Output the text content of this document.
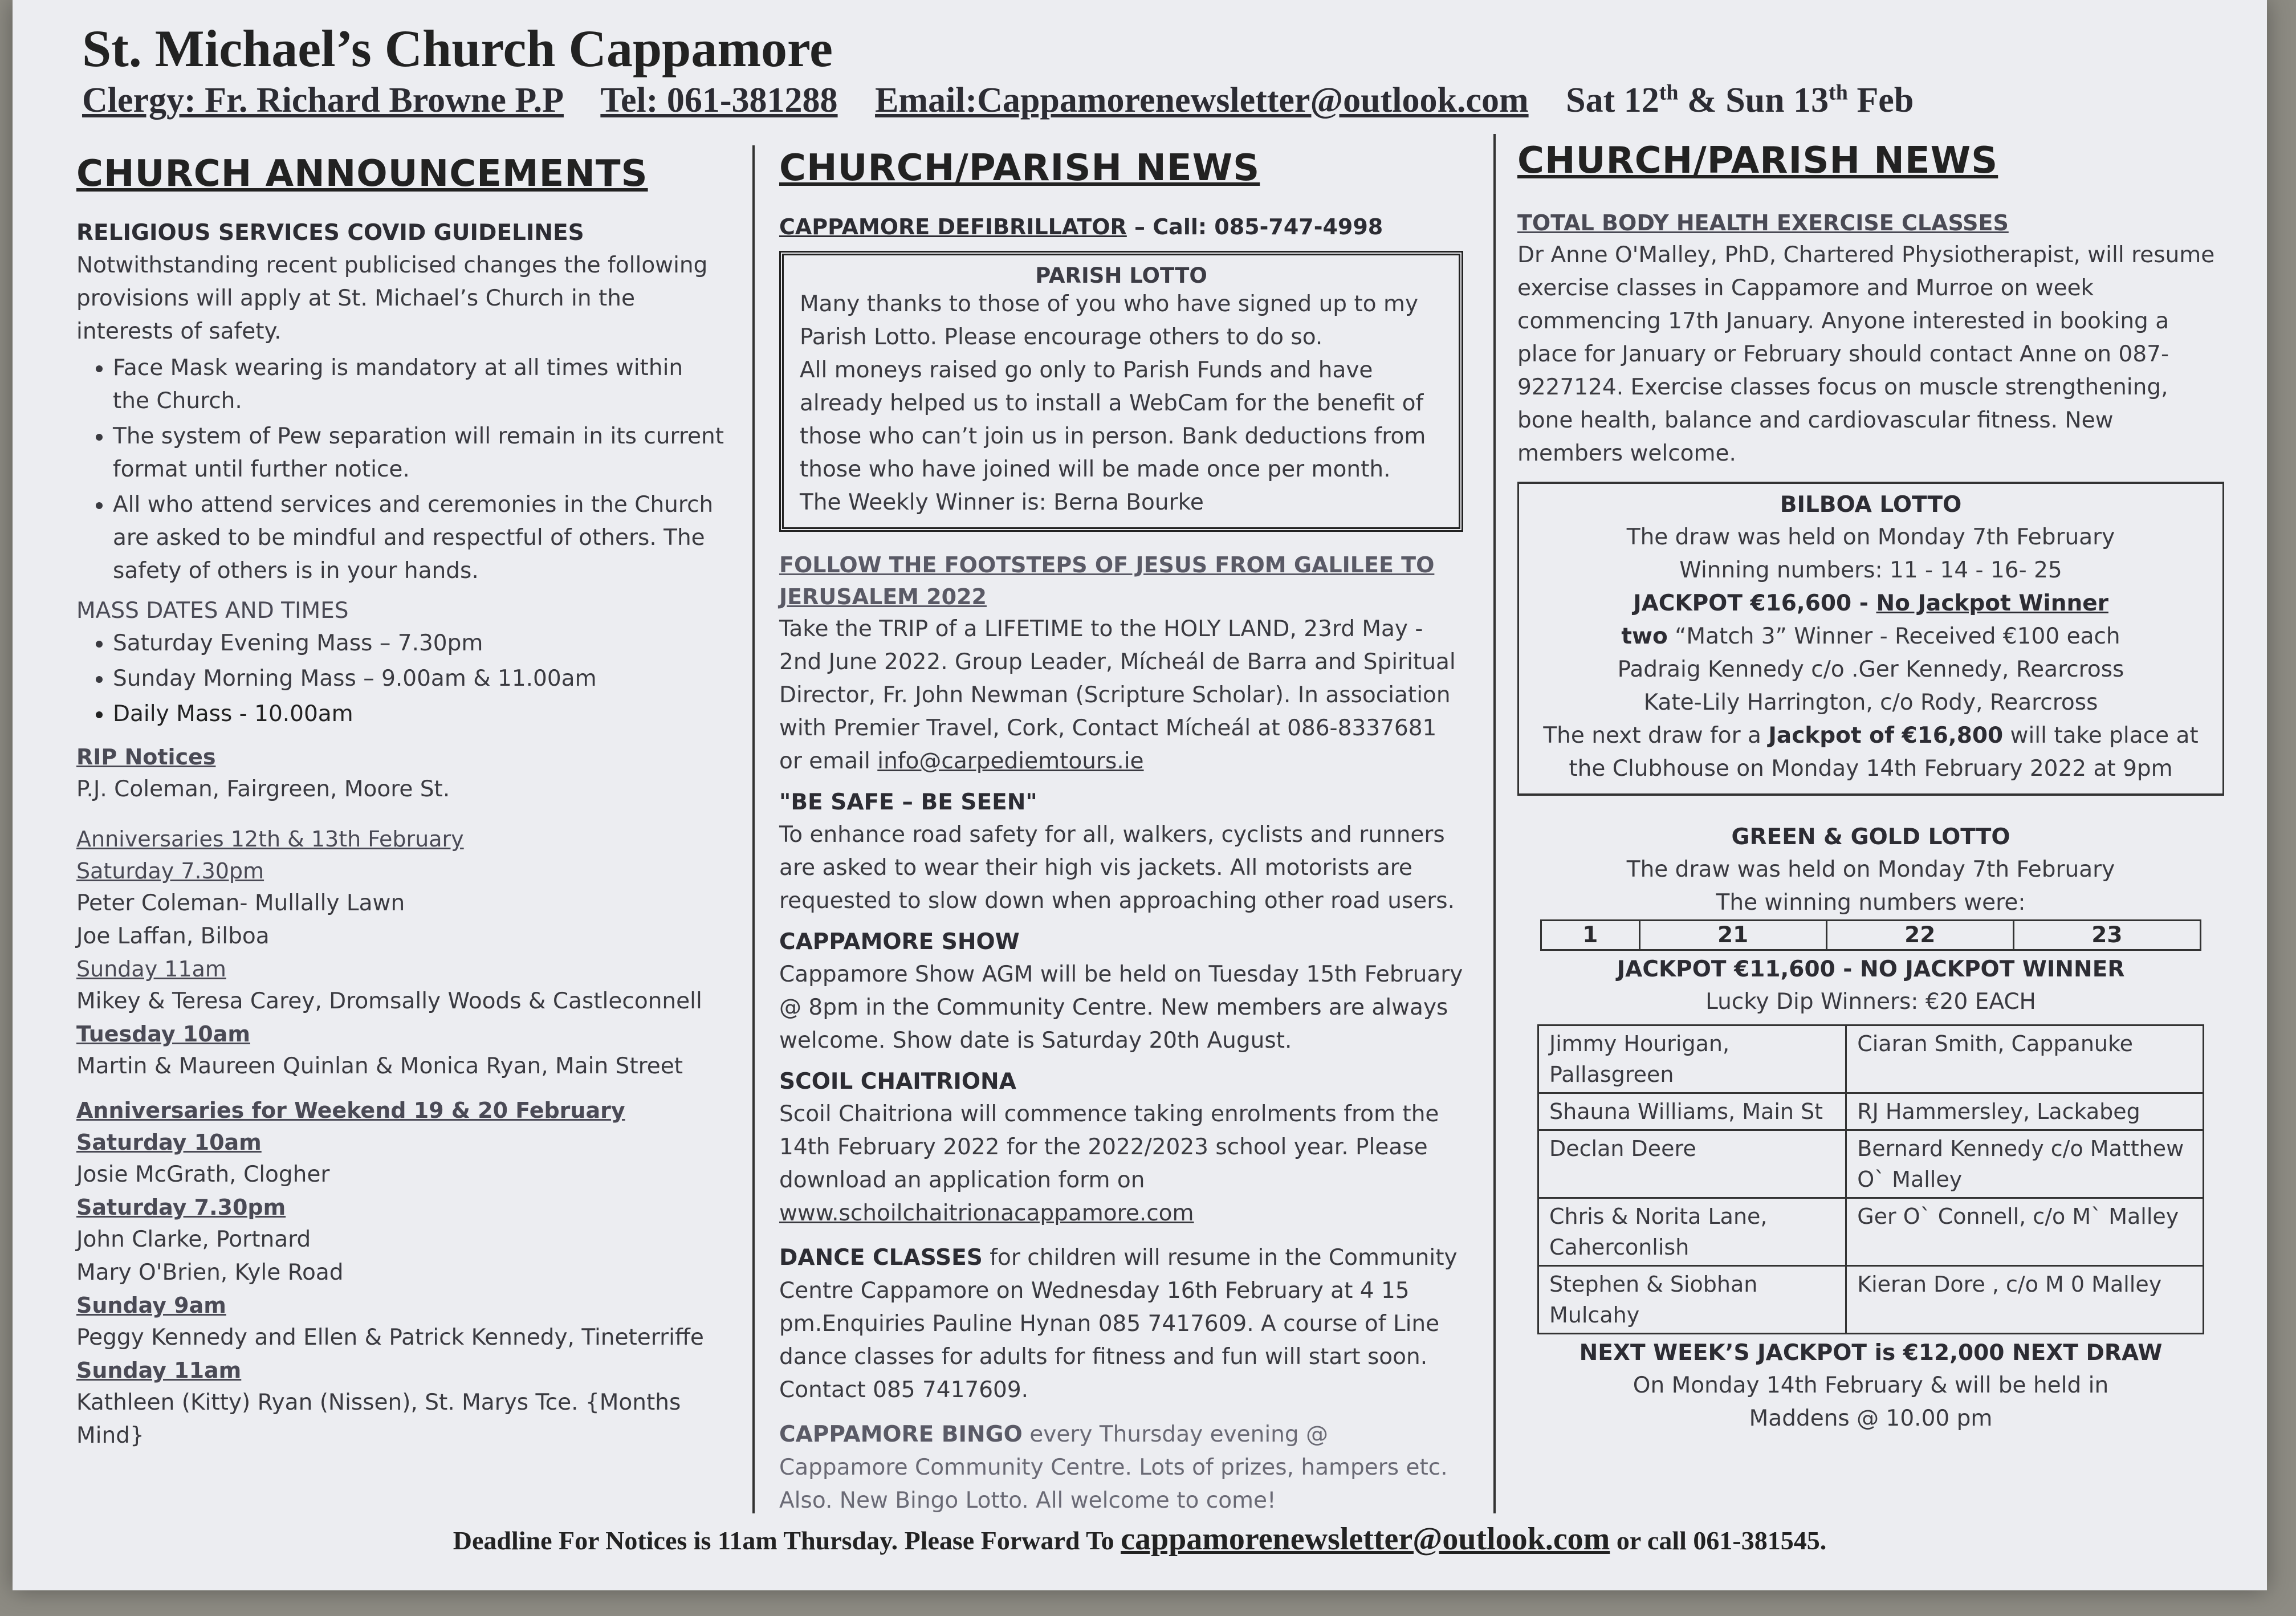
St. Michael’s Church Cappamore
Clergy: Fr. Richard Browne P.P Tel: 061-381288 Email:Cappamorenewsletter@outlook.com Sat 12th & Sun 13th Feb
CHURCH ANNOUNCEMENTS
RELIGIOUS SERVICES COVID GUIDELINES

Notwithstanding recent publicised changes the following provisions will apply at St. Michael’s Church in the interests of safety.

• Face Mask wearing is mandatory at all times within the Church.
• The system of Pew separation will remain in its current format until further notice.
• All who attend services and ceremonies in the Church are asked to be mindful and respectful of others. The safety of others is in your hands.
MASS DATES AND TIMES
• Saturday Evening Mass – 7.30pm
• Sunday Morning Mass – 9.00am & 11.00am
• Daily Mass - 10.00am
RIP Notices

P.J. Coleman, Fairgreen, Moore St.

Anniversaries 12th & 13th February
Saturday 7.30pm

Peter Coleman- Mullally Lawn

Joe Laffan, Bilboa

Sunday 11am

Mikey & Teresa Carey, Dromsally Woods & Castleconnell

Tuesday 10am

Martin & Maureen Quinlan & Monica Ryan, Main Street

Anniversaries for Weekend 19 & 20 February
Saturday 10am

Josie McGrath, Clogher

Saturday 7.30pm

John Clarke, Portnard

Mary O'Brien, Kyle Road

Sunday 9am

Peggy Kennedy and Ellen & Patrick Kennedy, Tineterriffe

Sunday 11am

Kathleen (Kitty) Ryan (Nissen), St. Marys Tce. {Months Mind}

CHURCH/PARISH NEWS
CAPPAMORE DEFIBRILLATOR – Call: 085-747-4998
PARISH LOTTO

Many thanks to those of you who have signed up to my Parish Lotto. Please encourage others to do so.

All moneys raised go only to Parish Funds and have already helped us to install a WebCam for the benefit of those who can’t join us in person. Bank deductions from those who have joined will be made once per month.

The Weekly Winner is: Berna Bourke

FOLLOW THE FOOTSTEPS OF JESUS FROM GALILEE TO JERUSALEM 2022

Take the TRIP of a LIFETIME to the HOLY LAND, 23rd May - 2nd June 2022. Group Leader, Mícheál de Barra and Spiritual Director, Fr. John Newman (Scripture Scholar). In association with Premier Travel, Cork, Contact Mícheál at 086-8337681 or email info@carpediemtours.ie

"BE SAFE – BE SEEN"

To enhance road safety for all, walkers, cyclists and runners are asked to wear their high vis jackets. All motorists are requested to slow down when approaching other road users.

CAPPAMORE SHOW

Cappamore Show AGM will be held on Tuesday 15th February @ 8pm in the Community Centre. New members are always welcome. Show date is Saturday 20th August.

SCOIL CHAITRIONA

Scoil Chaitriona will commence taking enrolments from the 14th February 2022 for the 2022/2023 school year. Please download an application form on www.schoilchaitrionacappamore.com

DANCE CLASSES for children will resume in the Community Centre Cappamore on Wednesday 16th February at 4 15 pm.Enquiries Pauline Hynan 085 7417609. A course of Line dance classes for adults for fitness and fun will start soon.

Contact 085 7417609.

CAPPAMORE BINGO every Thursday evening @ Cappamore Community Centre. Lots of prizes, hampers etc. Also. New Bingo Lotto. All welcome to come!

CHURCH/PARISH NEWS
TOTAL BODY HEALTH EXERCISE CLASSES

Dr Anne O'Malley, PhD, Chartered Physiotherapist, will resume exercise classes in Cappamore and Murroe on week commencing 17th January. Anyone interested in booking a place for January or February should contact Anne on 087-9227124. Exercise classes focus on muscle strengthening, bone health, balance and cardiovascular fitness. New members welcome.

BILBOA LOTTO

The draw was held on Monday 7th February

Winning numbers: 11 - 14 - 16- 25

JACKPOT €16,600 - No Jackpot Winner

two “Match 3” Winner - Received €100 each

Padraig Kennedy c/o .Ger Kennedy, Rearcross

Kate-Lily Harrington, c/o Rody, Rearcross

The next draw for a Jackpot of €16,800 will take place at the Clubhouse on Monday 14th February 2022 at 9pm

GREEN & GOLD LOTTO

The draw was held on Monday 7th February

The winning numbers were:

1	21	22	23
JACKPOT €11,600 - NO JACKPOT WINNER

Lucky Dip Winners: €20 EACH

Jimmy Hourigan, Pallasgreen	Ciaran Smith, Cappanuke
Shauna Williams, Main St	RJ Hammersley, Lackabeg
Declan Deere	Bernard Kennedy c/o Matthew O` Malley
Chris & Norita Lane, Caherconlish	Ger O` Connell, c/o M` Malley
Stephen & Siobhan Mulcahy	Kieran Dore , c/o M 0 Malley
NEXT WEEK’S JACKPOT is €12,000 NEXT DRAW

On Monday 14th February & will be held in Maddens @ 10.00 pm

Deadline For Notices is 11am Thursday. Please Forward To cappamorenewsletter@outlook.com or call 061-381545.
